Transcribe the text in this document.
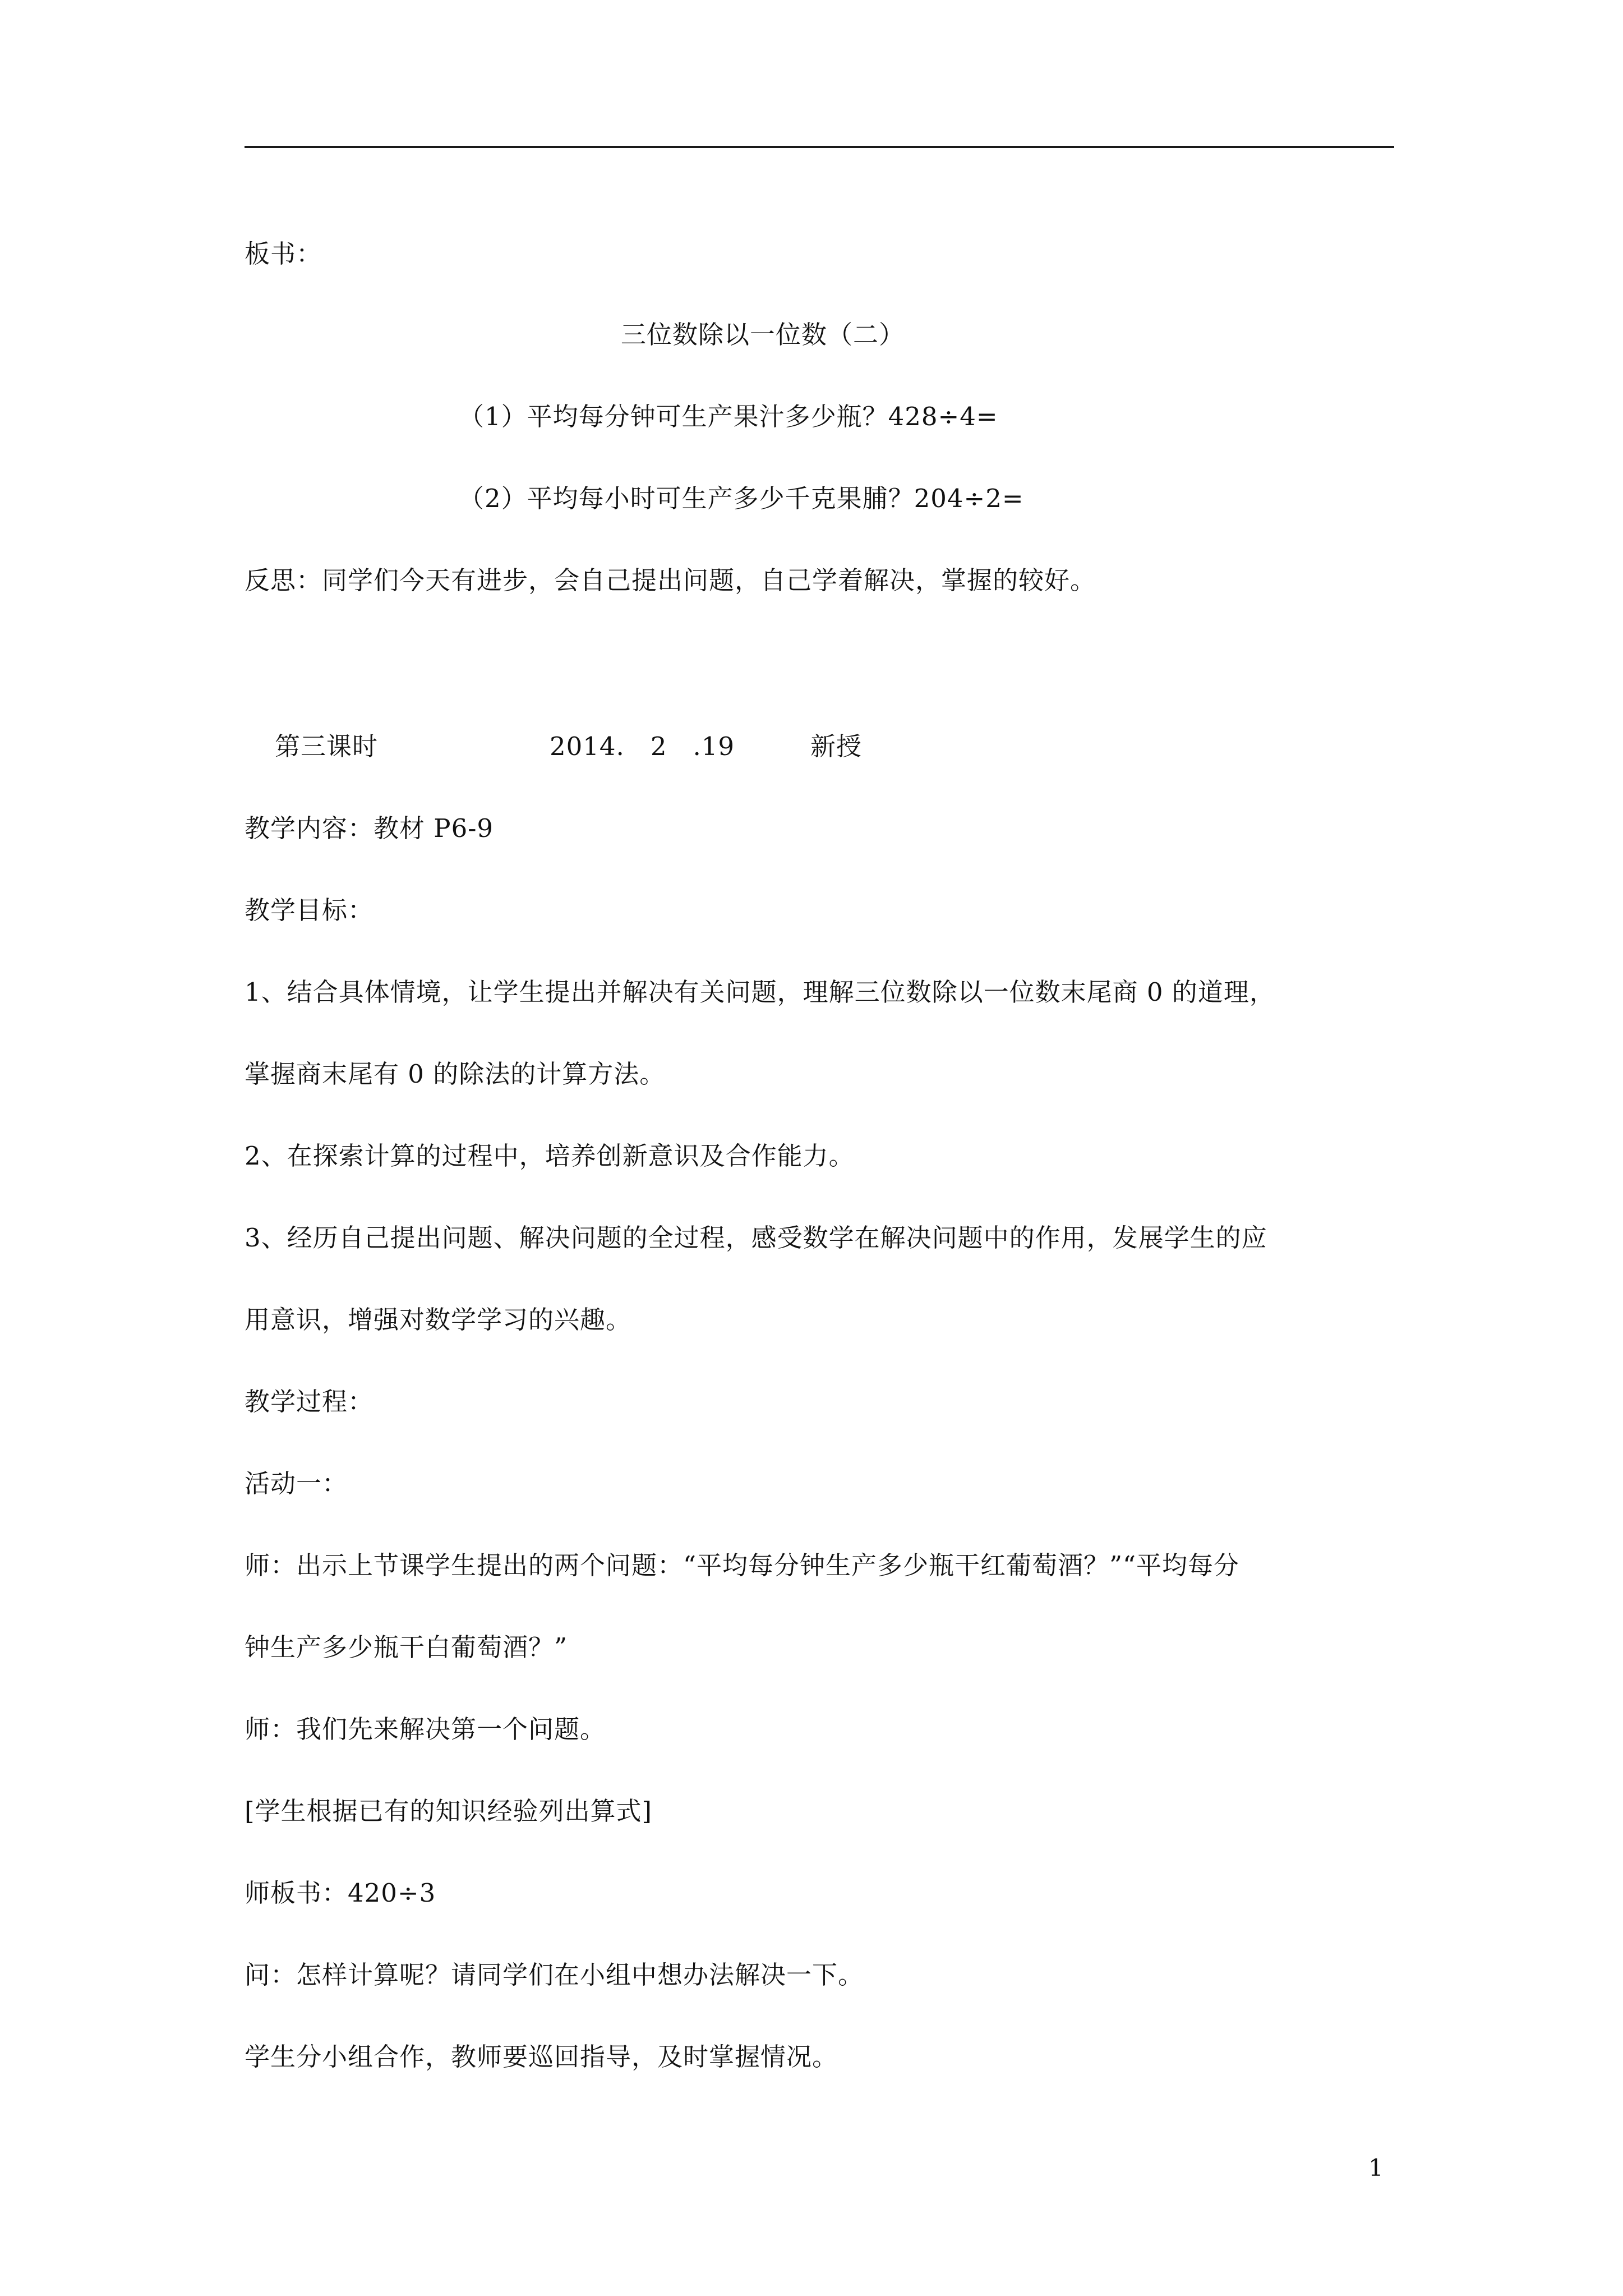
板书：
三位数除以一位数（二）
（1）平均每分钟可生产果汁多少瓶？428÷4=
（2）平均每小时可生产多少千克果脯？204÷2=
反思：同学们今天有进步，会自己提出问题，自己学着解决，掌握的较好。
第三课时	2014.　2　.19	新授
教学内容：教材 P6-9
教学目标：
1、结合具体情境，让学生提出并解决有关问题，理解三位数除以一位数末尾商 0 的道理，
掌握商末尾有 0 的除法的计算方法。
2、在探索计算的过程中，培养创新意识及合作能力。
3、经历自己提出问题、解决问题的全过程，感受数学在解决问题中的作用，发展学生的应
用意识，增强对数学学习的兴趣。
教学过程：
活动一：
师：出示上节课学生提出的两个问题：“平均每分钟生产多少瓶干红葡萄酒？”“平均每分
钟生产多少瓶干白葡萄酒？”
师：我们先来解决第一个问题。
[学生根据已有的知识经验列出算式]
师板书：420÷3
问：怎样计算呢？请同学们在小组中想办法解决一下。
学生分小组合作，教师要巡回指导，及时掌握情况。
1
